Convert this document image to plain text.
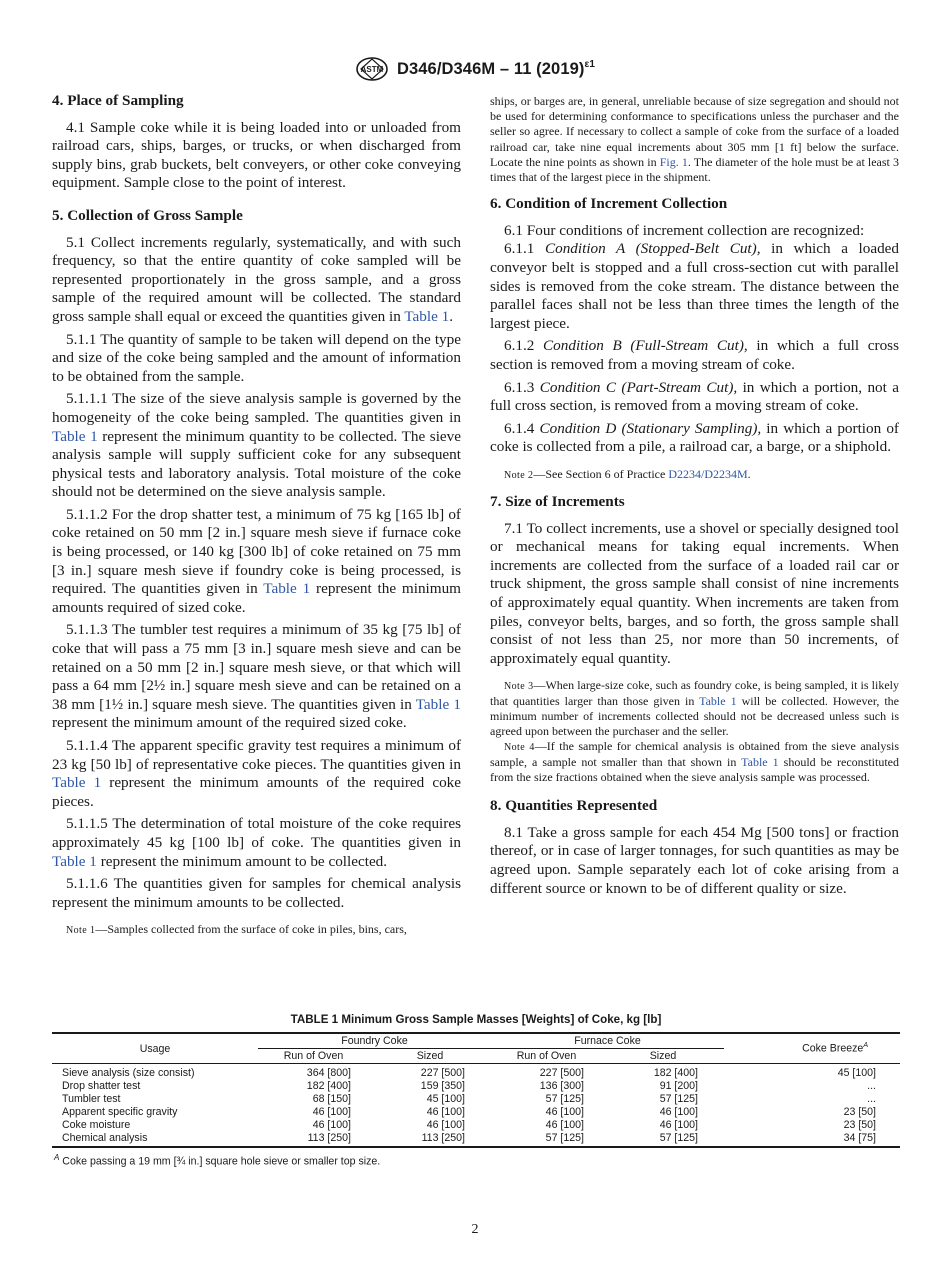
ASTM D346/D346M – 11 $(2019)^{\varepsilon 1}$
4. Place of Sampling

4.1 Sample coke while it is being loaded into or unloaded from railroad cars, ships, barges, or trucks, or when discharged from supply bins, grab buckets, belt conveyers, or other coke conveying equipment. Sample close to the point of interest.

5. Collection of Gross Sample

5.1 Collect increments regularly, systematically, and with such frequency, so that the entire quantity of coke sampled will be represented proportionately in the gross sample, and a gross sample of the required amount will be collected. The standard gross sample shall equal or exceed the quantities given in Table 1.

5.1.1 The quantity of sample to be taken will depend on the type and size of the coke being sampled and the amount of information to be obtained from the sample.

5.1.1.1 The size of the sieve analysis sample is governed by the homogeneity of the coke being sampled. The quantities given in Table 1 represent the minimum quantity to be collected. The sieve analysis sample will supply sufficient coke for any subsequent physical tests and laboratory analysis. Total moisture of the coke should not be determined on the sieve analysis sample.

5.1.1.2 For the drop shatter test, a minimum of 75 kg [165 lb] of coke retained on 50 mm [2 in.] square mesh sieve if furnace coke is being processed, or 140 kg [300 lb] of coke retained on 75 mm [3 in.] square mesh sieve if foundry coke is being processed, is required. The quantities given in Table 1 represent the minimum amounts required of sized coke.

5.1.1.3 The tumbler test requires a minimum of 35 kg [75 lb] of coke that will pass a 75 mm [3 in.] square mesh sieve and can be retained on a 50 mm [2 in.] square mesh sieve, or that which will pass a 64 mm [2½ in.] square mesh sieve and can be retained on a 38 mm [1½ in.] square mesh sieve. The quantities given in Table 1 represent the minimum amount of the required sized coke.

5.1.1.4 The apparent specific gravity test requires a minimum of 23 kg [50 lb] of representative coke pieces. The quantities given in Table 1 represent the minimum amounts of the required coke pieces.

5.1.1.5 The determination of total moisture of the coke requires approximately 45 kg [100 lb] of coke. The quantities given in Table 1 represent the minimum amount to be collected.

5.1.1.6 The quantities given for samples for chemical analysis represent the minimum amounts to be collected.

Note 1—Samples collected from the surface of coke in piles, bins, cars,

ships, or barges are, in general, unreliable because of size segregation and should not be used for determining conformance to specifications unless the purchaser and the seller so agree. If necessary to collect a sample of coke from the surface of a loaded railroad car, take nine equal increments about 305 mm [1 ft] below the surface. Locate the nine points as shown in Fig. 1. The diameter of the hole must be at least 3 times that of the largest piece in the shipment.

6. Condition of Increment Collection

6.1 Four conditions of increment collection are recognized:

6.1.1 Condition A (Stopped-Belt Cut), in which a loaded conveyor belt is stopped and a full cross-section cut with parallel sides is removed from the coke stream. The distance between the parallel faces shall not be less than three times the length of the largest piece.

6.1.2 Condition B (Full-Stream Cut), in which a full cross section is removed from a moving stream of coke.

6.1.3 Condition C (Part-Stream Cut), in which a portion, not a full cross section, is removed from a moving stream of coke.

6.1.4 Condition D (Stationary Sampling), in which a portion of coke is collected from a pile, a railroad car, a barge, or a shiphold.

Note 2—See Section 6 of Practice D2234/D2234M.

7. Size of Increments

7.1 To collect increments, use a shovel or specially designed tool or mechanical means for taking equal increments. When increments are collected from the surface of a loaded rail car or truck shipment, the gross sample shall consist of nine increments of approximately equal quantity. When increments are taken from piles, conveyor belts, barges, and so forth, the gross sample shall consist of not less than 25, nor more than 50 increments, of approximately equal quantity.

Note 3—When large-size coke, such as foundry coke, is being sampled, it is likely that quantities larger than those given in Table 1 will be collected. However, the minimum number of increments collected should not be decreased unless such is agreed upon between the purchaser and the seller.

Note 4—If the sample for chemical analysis is obtained from the sieve analysis sample, a sample not smaller than that shown in Table 1 should be reconstituted from the size fractions obtained when the sieve analysis sample was processed.

8. Quantities Represented

8.1 Take a gross sample for each 454 Mg [500 tons] or fraction thereof, or in case of larger tonnages, for such quantities as may be agreed upon. Sample separately each lot of coke arising from a different source or known to be of different quality or size.

TABLE 1 Minimum Gross Sample Masses [Weights] of Coke, kg [lb]
Usage	Foundry Coke		Furnace Coke		Coke Breeze$^A$
	Run of Oven	Sized	Run of Oven	Sized	
Sieve analysis (size consist)	364 [800]	227 [500]	227 [500]	182 [400]	45 [100]
Drop shatter test	182 [400]	159 [350]	136 [300]	91 [200]	...
Tumbler test	68 [150]	45 [100]	57 [125]	57 [125]	...
Apparent specific gravity	46 [100]	46 [100]	46 [100]	46 [100]	23 [50]
Coke moisture	46 [100]	46 [100]	46 [100]	46 [100]	23 [50]
Chemical analysis	113 [250]	113 [250]	57 [125]	57 [125]	34 [75]
$^A$ Coke passing a 19 mm [¾ in.] square hole sieve or smaller top size.
2
